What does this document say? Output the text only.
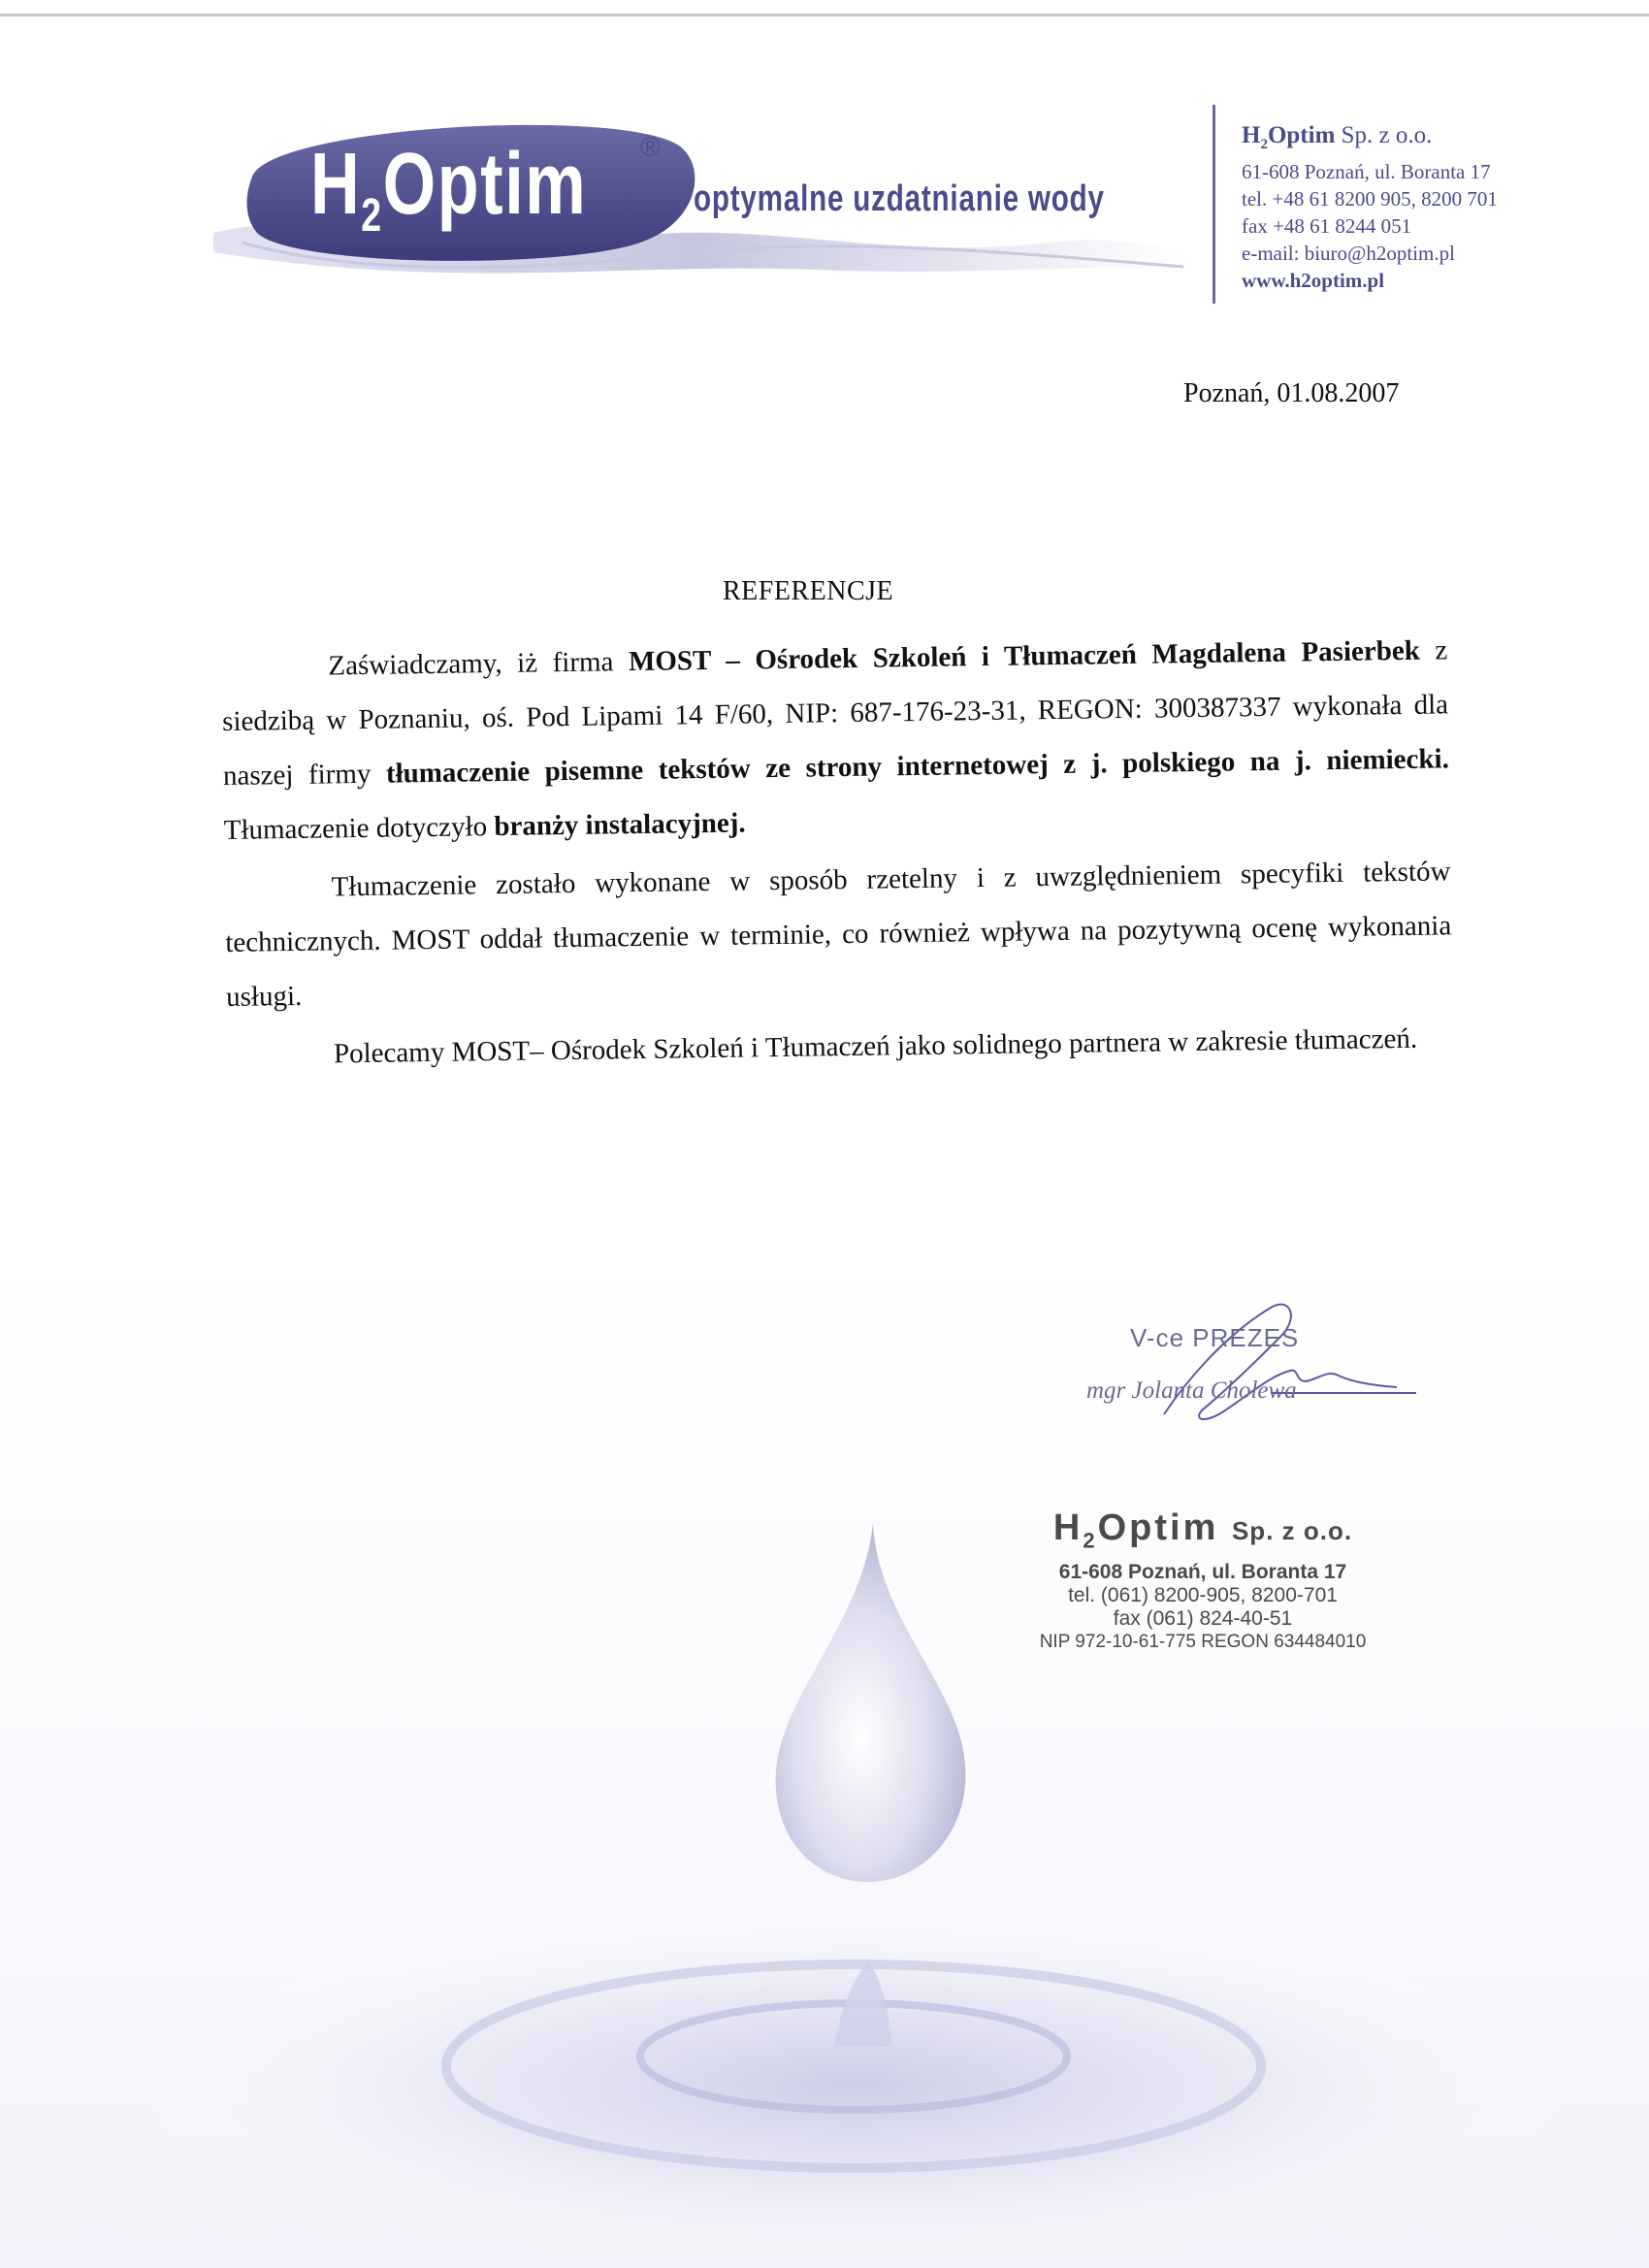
$H_2Optim$ ®
optymalne uzdatnianie wody
$H_2Optim$ Sp. z o.o.
61-608 Poznań, ul. Boranta 17
tel. +48 61 8200 905, 8200 701
fax +48 61 8244 051
e-mail: biuro@h2optim.pl
www.h2optim.pl
Poznań, 01.08.2007
REFERENCJE

Zaświadczamy, iż firma MOST – Ośrodek Szkoleń i Tłumaczeń Magdalena Pasierbek z siedzibą w Poznaniu, oś. Pod Lipami 14 F/60, NIP: 687-176-23-31, REGON: 300387337 wykonała dla naszej firmy tłumaczenie pisemne tekstów ze strony internetowej z j. polskiego na j. niemiecki. Tłumaczenie dotyczyło branży instalacyjnej.

Tłumaczenie zostało wykonane w sposób rzetelny i z uwzględnieniem specyfiki tekstów technicznych. MOST oddał tłumaczenie w terminie, co również wpływa na pozytywną ocenę wykonania usługi.

Polecamy MOST– Ośrodek Szkoleń i Tłumaczeń jako solidnego partnera w zakresie tłumaczeń.

V-ce PREZES
mgr Jolanta Cholewa
$H_2Optim$ Sp. z o.o.
61-608 Poznań, ul. Boranta 17
tel. (061) 8200-905, 8200-701
fax (061) 824-40-51
NIP 972-10-61-775 REGON 634484010
